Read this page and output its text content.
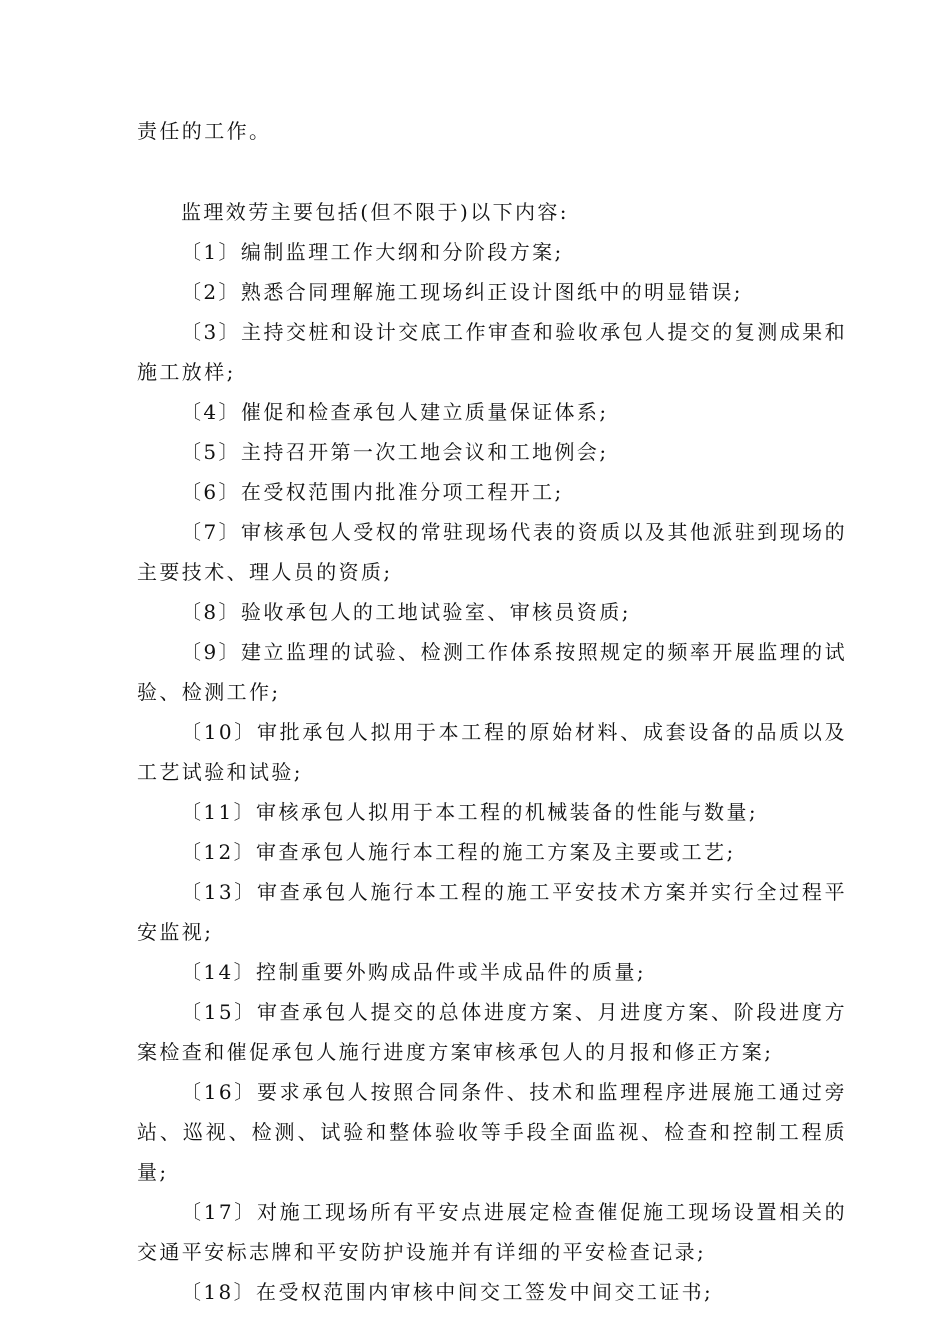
责任的工作。

监理效劳主要包括(但不限于)以下内容:

〔1〕编制监理工作大纲和分阶段方案;

〔2〕熟悉合同理解施工现场纠正设计图纸中的明显错误;

〔3〕主持交桩和设计交底工作审查和验收承包人提交的复测成果和施工放样;

〔4〕催促和检查承包人建立质量保证体系;

〔5〕主持召开第一次工地会议和工地例会;

〔6〕在受权范围内批准分项工程开工;

〔7〕审核承包人受权的常驻现场代表的资质以及其他派驻到现场的主要技术、理人员的资质;

〔8〕验收承包人的工地试验室、审核员资质;

〔9〕建立监理的试验、检测工作体系按照规定的频率开展监理的试验、检测工作;

〔10〕审批承包人拟用于本工程的原始材料、成套设备的品质以及工艺试验和试验;

〔11〕审核承包人拟用于本工程的机械装备的性能与数量;

〔12〕审查承包人施行本工程的施工方案及主要或工艺;

〔13〕审查承包人施行本工程的施工平安技术方案并实行全过程平安监视;

〔14〕控制重要外购成品件或半成品件的质量;

〔15〕审查承包人提交的总体进度方案、月进度方案、阶段进度方案检查和催促承包人施行进度方案审核承包人的月报和修正方案;

〔16〕要求承包人按照合同条件、技术和监理程序进展施工通过旁站、巡视、检测、试验和整体验收等手段全面监视、检查和控制工程质量;

〔17〕对施工现场所有平安点进展定检查催促施工现场设置相关的交通平安标志牌和平安防护设施并有详细的平安检查记录;

〔18〕在受权范围内审核中间交工签发中间交工证书;
